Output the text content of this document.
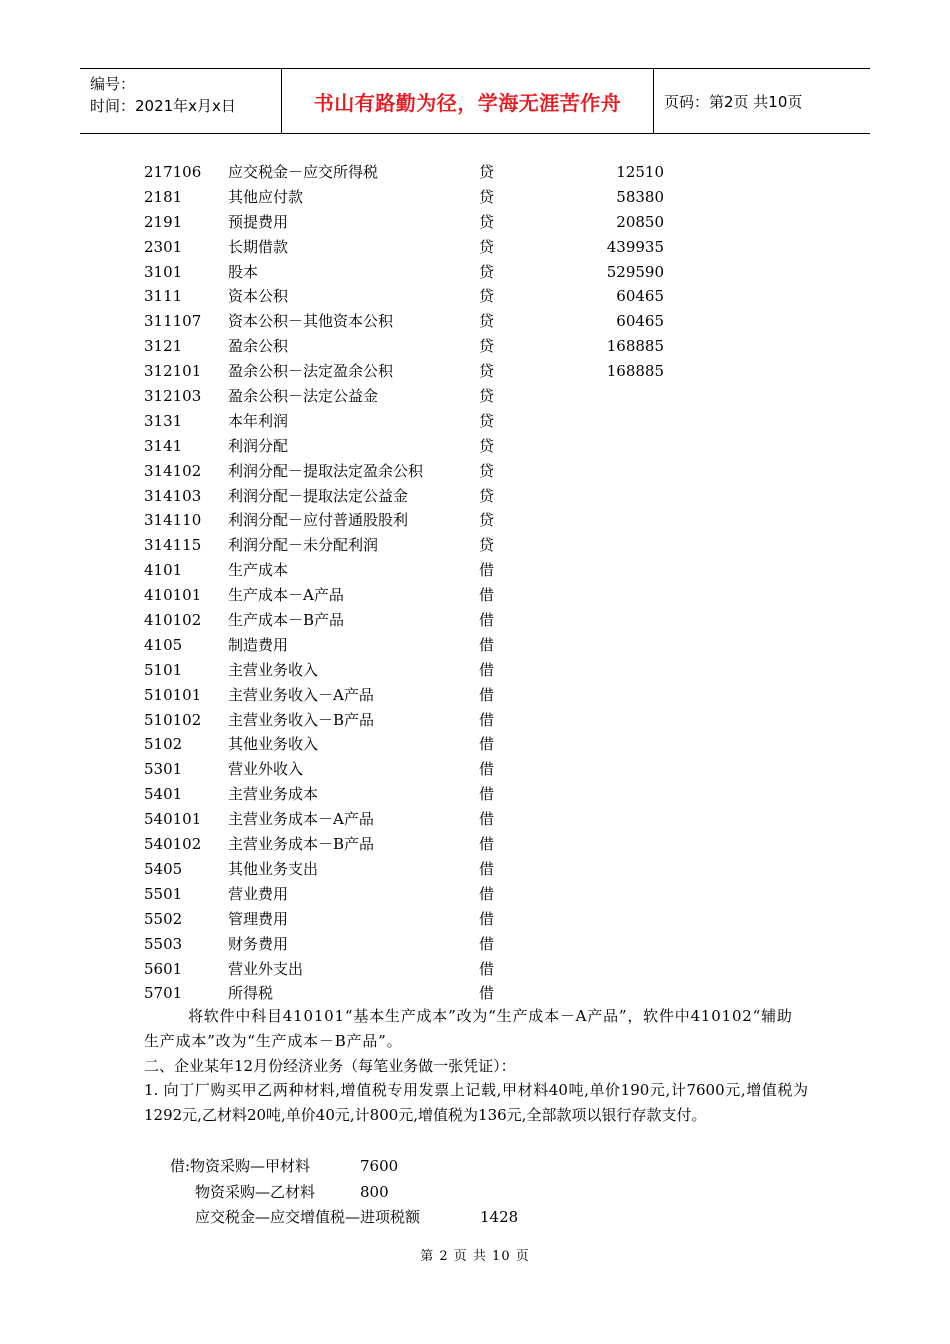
编号：
时间：2021年x月x日	书山有路勤为径，学海无涯苦作舟	页码：第2页 共10页
217106 应交税金－应交所得税	贷	12510
2181	其他应付款	贷	58380
2191	预提费用	贷	20850
2301	长期借款	贷	439935
3101	股本	贷	529590
3111	资本公积	贷	60465
311107 资本公积－其他资本公积	贷	60465
3121	盈余公积	贷	168885
312101 盈余公积－法定盈余公积	贷	168885
312103 盈余公积－法定公益金	贷
3131	本年利润	贷
3141	利润分配	贷
314102 利润分配－提取法定盈余公积	贷
314103 利润分配－提取法定公益金	贷
314110 利润分配－应付普通股股利	贷
314115 利润分配－未分配利润	贷
4101	生产成本	借
410101 生产成本－A产品	借
410102 生产成本－B产品	借
4105	制造费用	借
5101	主营业务收入	借
510101 主营业务收入－A产品	借
510102 主营业务收入－B产品	借
5102	其他业务收入	借
5301	营业外收入	借
5401	主营业务成本	借
540101 主营业务成本－A产品	借
540102 主营业务成本－B产品	借
5405	其他业务支出	借
5501	营业费用	借
5502	管理费用	借
5503	财务费用	借
5601	营业外支出	借
5701	所得税	借

将软件中科目410101“基本生产成本”改为“生产成本－A产品”，软件中410102“辅助生产成本”改为“生产成本－B产品”。

二、企业某年12月份经济业务（每笔业务做一张凭证）：

1. 向丁厂购买甲乙两种材料,增值税专用发票上记载,甲材料40吨,单价190元,计7600元,增值税为1292元,乙材料20吨,单价40元,计800元,增值税为136元,全部款项以银行存款支付。

借:物资采购—甲材料	7600
物资采购—乙材料	800
应交税金—应交增值税—进项税额	1428
第 2 页 共 10 页
